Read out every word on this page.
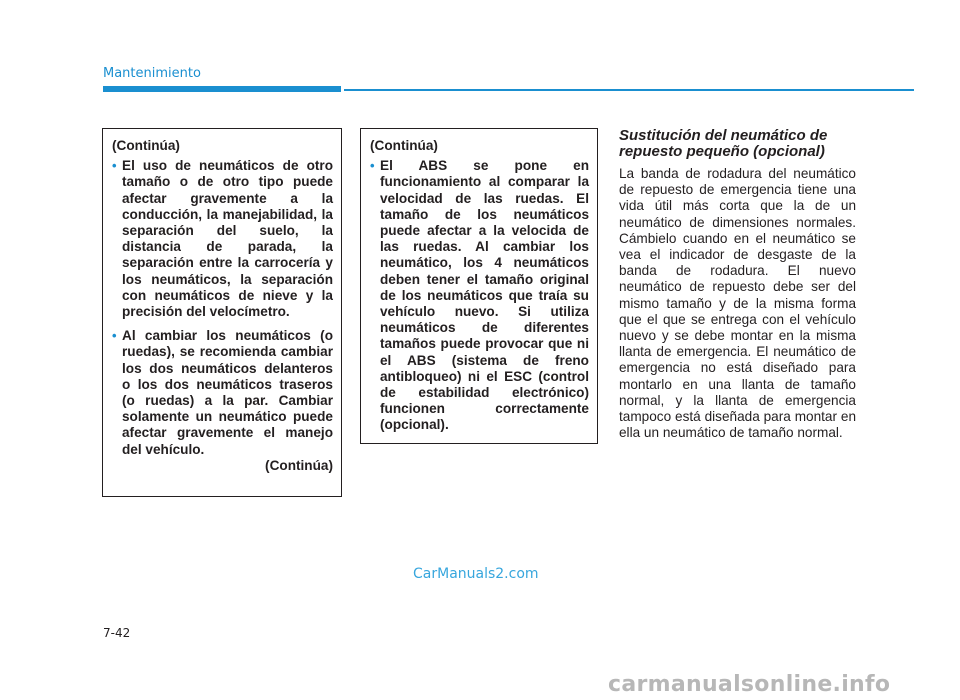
Mantenimiento

(Continúa)

• El uso de neumáticos de otro tamaño o de otro tipo puede afectar gravemente a la conducción, la manejabilidad, la separación del suelo, la distancia de parada, la separación entre la carrocería y los neumáticos, la separación con neumáticos de nieve y la precisión del velocímetro.
• Al cambiar los neumáticos (o ruedas), se recomienda cambiar los dos neumáticos delanteros o los dos neumáticos traseros (o ruedas) a la par. Cambiar solamente un neumático puede afectar gravemente el manejo del vehículo.

(Continúa)

(Continúa)

• El ABS se pone en funcionamiento al comparar la velocidad de las ruedas. El tamaño de los neumáticos puede afectar a la velocida de las ruedas. Al cambiar los neumático, los 4 neumáticos deben tener el tamaño original de los neumáticos que traía su vehículo nuevo. Si utiliza neumáticos de diferentes tamaños puede provocar que ni el ABS (sistema de freno antibloqueo) ni el ESC (control de estabilidad electrónico) funcionen correctamente (opcional).
Sustitución del neumático de repuesto pequeño (opcional)

La banda de rodadura del neumático de repuesto de emergencia tiene una vida útil más corta que la de un neumático de dimensiones normales. Cámbielo cuando en el neumático se vea el indicador de desgaste de la banda de rodadura. El nuevo neumático de repuesto debe ser del mismo tamaño y de la misma forma que el que se entrega con el vehículo nuevo y se debe montar en la misma llanta de emergencia. El neumático de emergencia no está diseñado para montarlo en una llanta de tamaño normal, y la llanta de emergencia tampoco está diseñada para montar en ella un neumático de tamaño normal.

CarManuals2.com
7-42
carmanualsonline.info
